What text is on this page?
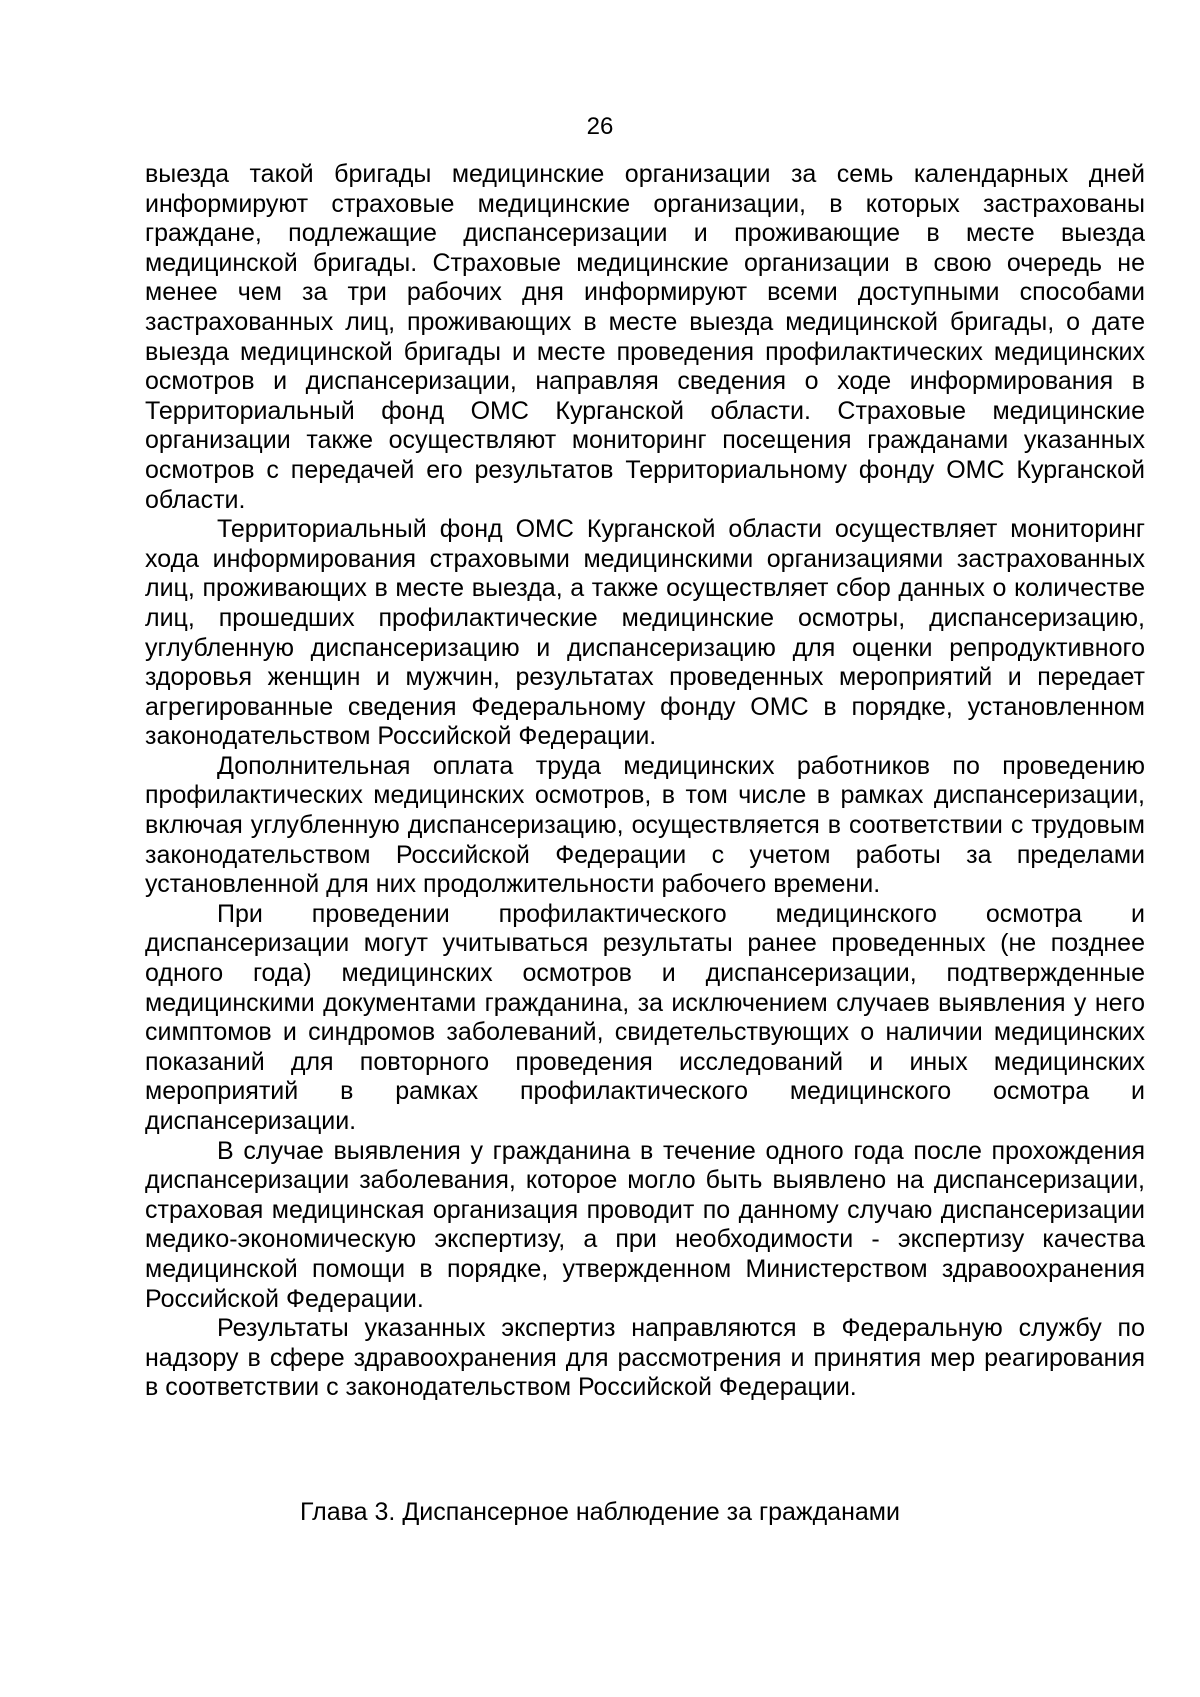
26

выезда такой бригады медицинские организации за семь календарных дней информируют страховые медицинские организации, в которых застрахованы граждане, подлежащие диспансеризации и проживающие в месте выезда медицинской бригады. Страховые медицинские организации в свою очередь не менее чем за три рабочих дня информируют всеми доступными способами застрахованных лиц, проживающих в месте выезда медицинской бригады, о дате выезда медицинской бригады и месте проведения профилактических медицинских осмотров и диспансеризации, направляя сведения о ходе информирования в Территориальный фонд ОМС Курганской области. Страховые медицинские организации также осуществляют мониторинг посещения гражданами указанных осмотров с передачей его результатов Территориальному фонду ОМС Курганской области.

Территориальный фонд ОМС Курганской области осуществляет мониторинг хода информирования страховыми медицинскими организациями застрахованных лиц, проживающих в месте выезда, а также осуществляет сбор данных о количестве лиц, прошедших профилактические медицинские осмотры, диспансеризацию, углубленную диспансеризацию и диспансеризацию для оценки репродуктивного здоровья женщин и мужчин, результатах проведенных мероприятий и передает агрегированные сведения Федеральному фонду ОМС в порядке, установленном законодательством Российской Федерации.

Дополнительная оплата труда медицинских работников по проведению профилактических медицинских осмотров, в том числе в рамках диспансеризации, включая углубленную диспансеризацию, осуществляется в соответствии с трудовым законодательством Российской Федерации с учетом работы за пределами установленной для них продолжительности рабочего времени.

При проведении профилактического медицинского осмотра и диспансеризации могут учитываться результаты ранее проведенных (не позднее одного года) медицинских осмотров и диспансеризации, подтвержденные медицинскими документами гражданина, за исключением случаев выявления у него симптомов и синдромов заболеваний, свидетельствующих о наличии медицинских показаний для повторного проведения исследований и иных медицинских мероприятий в рамках профилактического медицинского осмотра и диспансеризации.

В случае выявления у гражданина в течение одного года после прохождения диспансеризации заболевания, которое могло быть выявлено на диспансеризации, страховая медицинская организация проводит по данному случаю диспансеризации медико-экономическую экспертизу, а при необходимости - экспертизу качества медицинской помощи в порядке, утвержденном Министерством здравоохранения Российской Федерации.

Результаты указанных экспертиз направляются в Федеральную службу по надзору в сфере здравоохранения для рассмотрения и принятия мер реагирования в соответствии с законодательством Российской Федерации.

Глава 3. Диспансерное наблюдение за гражданами
